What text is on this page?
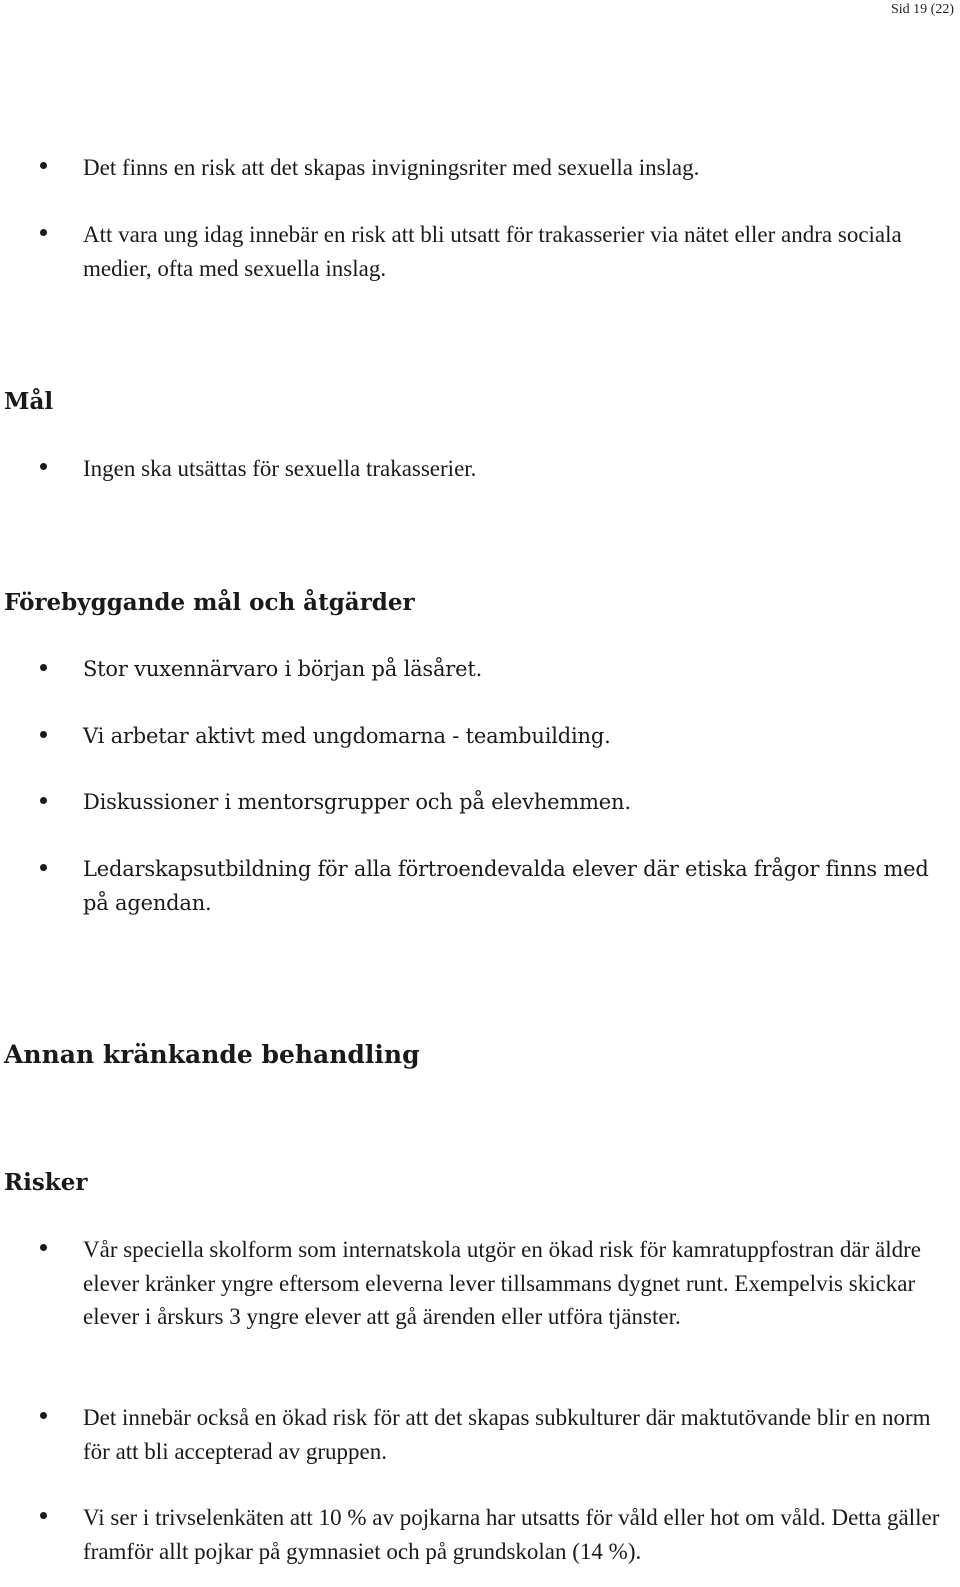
Sid 19 (22)
Det finns en risk att det skapas invigningsriter med sexuella inslag.
Att vara ung idag innebär en risk att bli utsatt för trakasserier via nätet eller andra sociala medier, ofta med sexuella inslag.
Mål
Ingen ska utsättas för sexuella trakasserier.
Förebyggande mål och åtgärder
Stor vuxennärvaro i början på läsåret.
Vi arbetar aktivt med ungdomarna - teambuilding.
Diskussioner i mentorsgrupper och på elevhemmen.
Ledarskapsutbildning för alla förtroendevalda elever där etiska frågor finns med på agendan.
Annan kränkande behandling
Risker
Vår speciella skolform som internatskola utgör en ökad risk för kamratuppfostran där äldre elever kränker yngre eftersom eleverna lever tillsammans dygnet runt. Exempelvis skickar elever i årskurs 3 yngre elever att gå ärenden eller utföra tjänster.
Det innebär också en ökad risk för att det skapas subkulturer där maktutövande blir en norm för att bli accepterad av gruppen.
Vi ser i trivselenkäten att 10 % av pojkarna har utsatts för våld eller hot om våld. Detta gäller framför allt pojkar på gymnasiet och på grundskolan (14 %).
